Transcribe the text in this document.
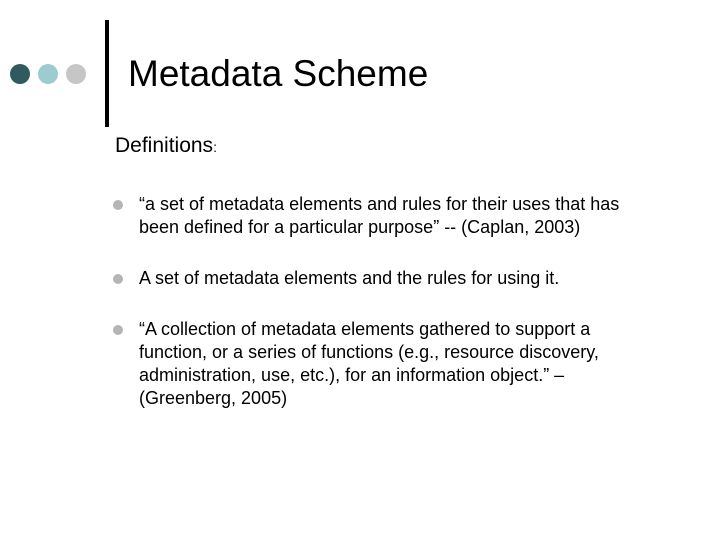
Metadata Scheme
Definitions:
“a set of metadata elements and rules for their uses that has been defined for a particular purpose” -- (Caplan, 2003)
A set of metadata elements and the rules for using it.
“A collection of metadata elements gathered to support a function, or a series of functions (e.g., resource discovery, administration, use, etc.), for an information object.” –(Greenberg, 2005)
